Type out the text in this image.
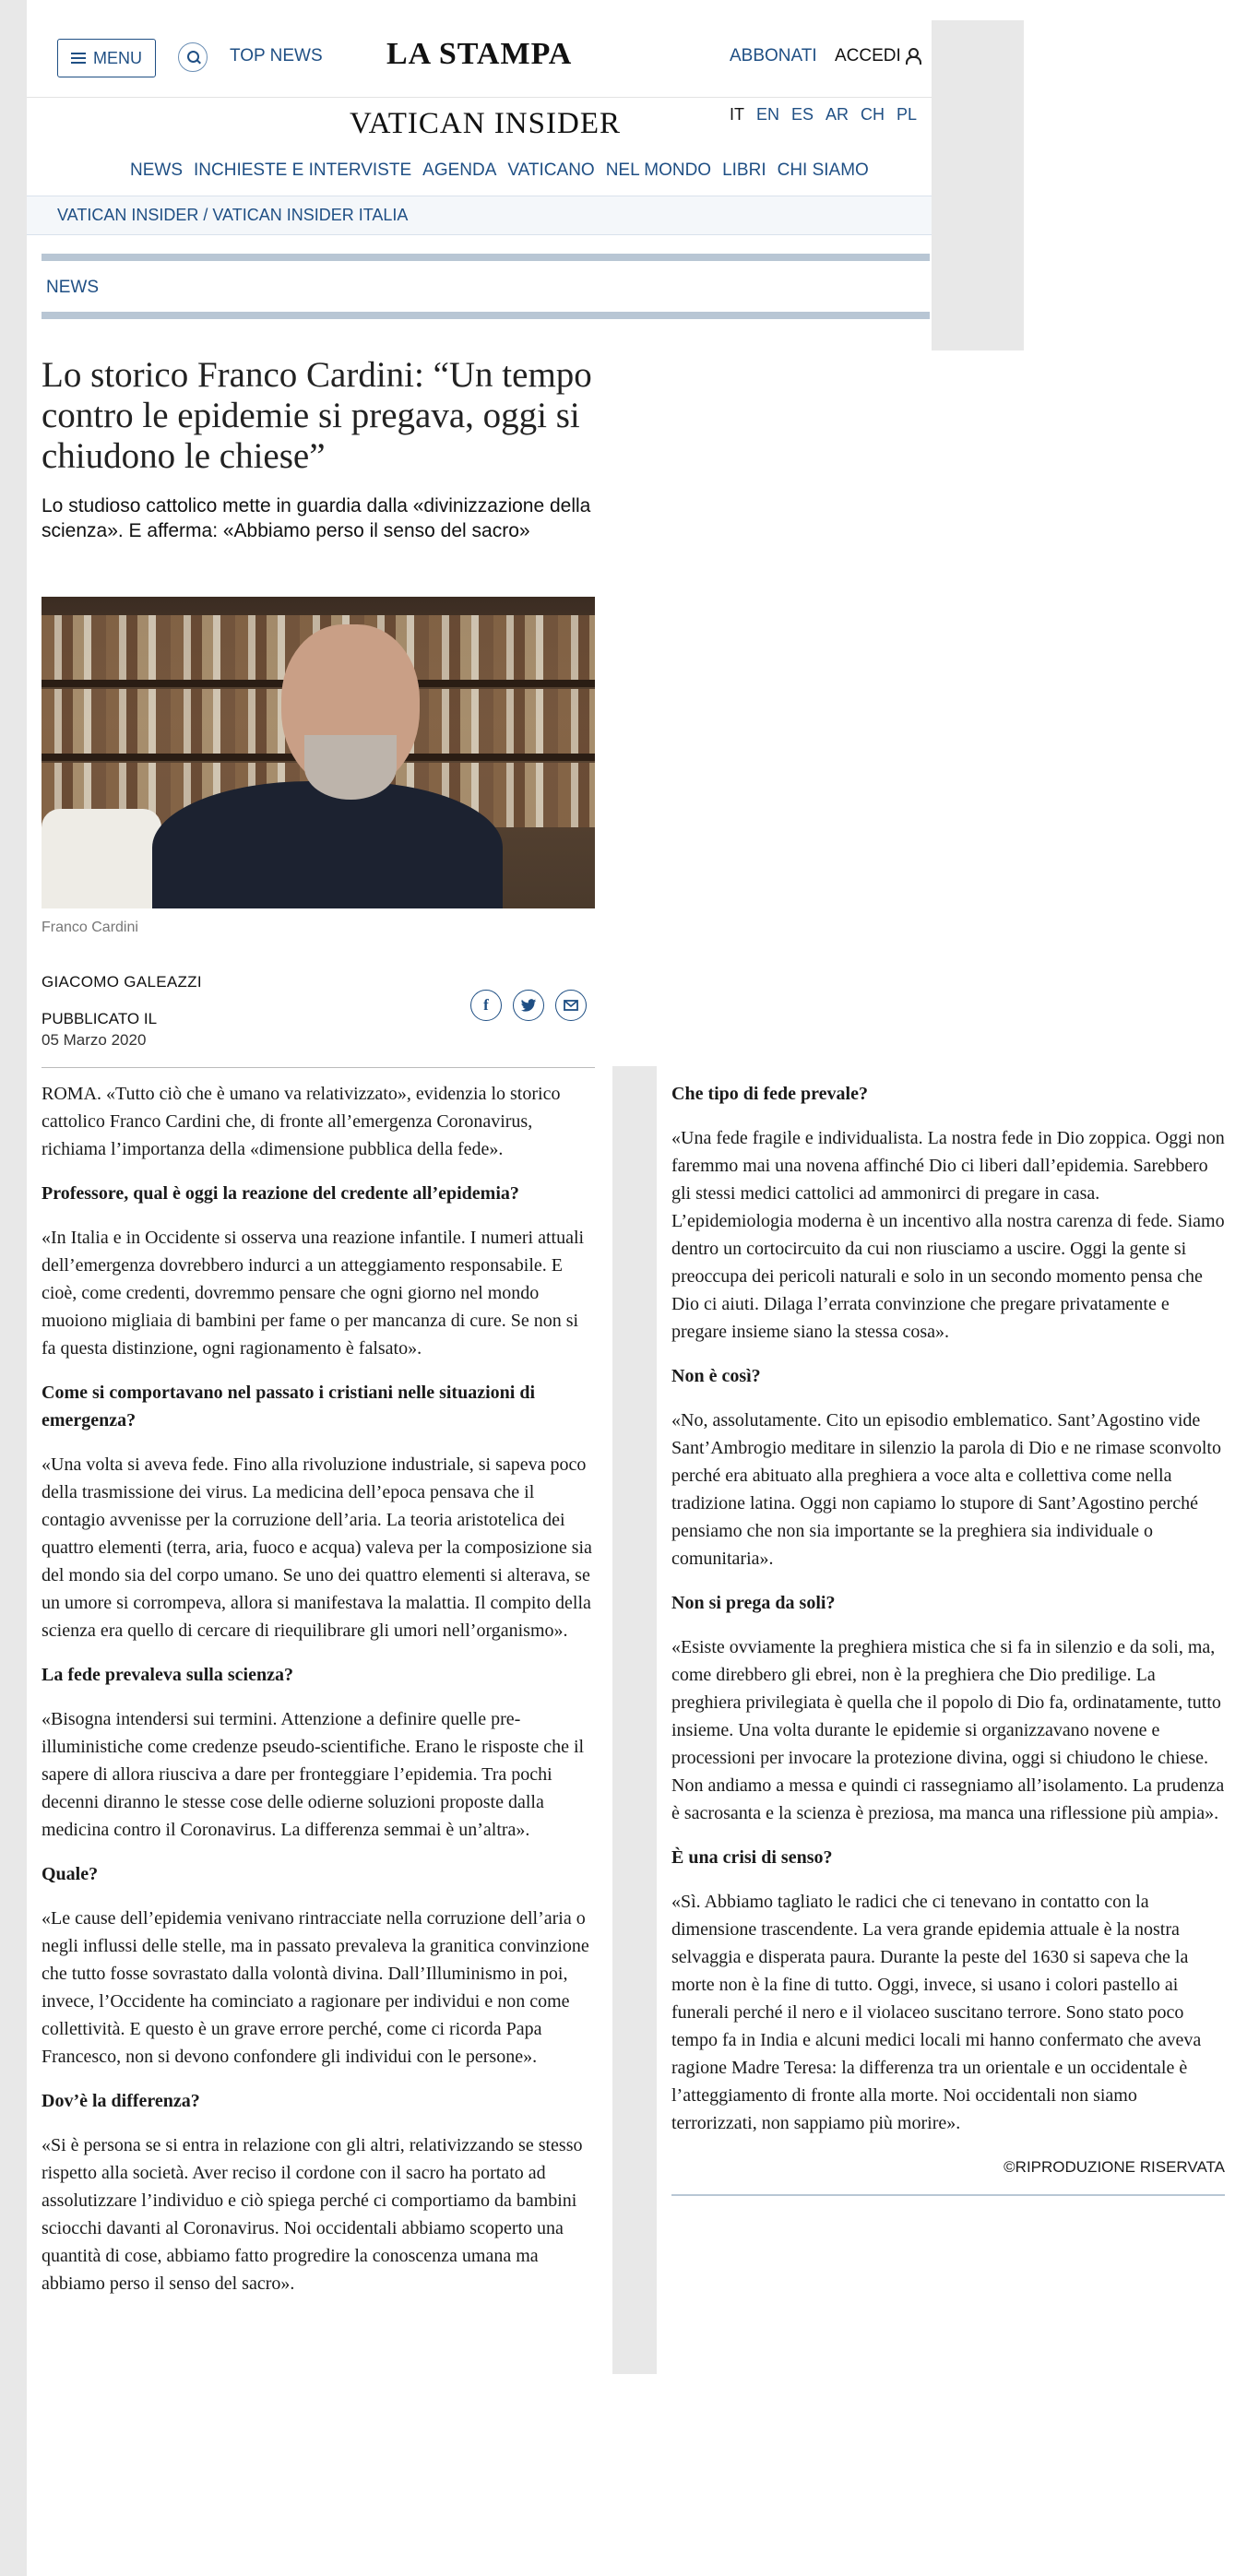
MENU	TOP NEWS LA STAMPA	ABBONATI ACCEDI
VATICAN INSIDER	IT EN ES AR CH PL
NEWS INCHIESTE E INTERVISTE AGENDA VATICANO NEL MONDO LIBRI CHI SIAMO
VATICAN INSIDER / VATICAN INSIDER ITALIA
NEWS
Lo storico Franco Cardini: “Un tempo contro le epidemie si pregava, oggi si chiudono le chiese”

Lo studioso cattolico mette in guardia dalla «divinizzazione della scienza». E afferma: «Abbiamo perso il senso del sacro»

Franco Cardini
GIACOMO GALEAZZI
PUBBLICATO IL
05 Marzo 2020
f

ROMA. «Tutto ciò che è umano va relativizzato», evidenzia lo storico cattolico Franco Cardini che, di fronte all’emergenza Coronavirus, richiama l’importanza della «dimensione pubblica della fede».

Professore, qual è oggi la reazione del credente all’epidemia?

«In Italia e in Occidente si osserva una reazione infantile. I numeri attuali dell’emergenza dovrebbero indurci a un atteggiamento responsabile. E cioè, come credenti, dovremmo pensare che ogni giorno nel mondo muoiono migliaia di bambini per fame o per mancanza di cure. Se non si fa questa distinzione, ogni ragionamento è falsato».

Come si comportavano nel passato i cristiani nelle situazioni di emergenza?

«Una volta si aveva fede. Fino alla rivoluzione industriale, si sapeva poco della trasmissione dei virus. La medicina dell’epoca pensava che il contagio avvenisse per la corruzione dell’aria. La teoria aristotelica dei quattro elementi (terra, aria, fuoco e acqua) valeva per la composizione sia del mondo sia del corpo umano. Se uno dei quattro elementi si alterava, se un umore si corrompeva, allora si manifestava la malattia. Il compito della scienza era quello di cercare di riequilibrare gli umori nell’organismo».

La fede prevaleva sulla scienza?

«Bisogna intendersi sui termini. Attenzione a definire quelle pre-illuministiche come credenze pseudo-scientifiche. Erano le risposte che il sapere di allora riusciva a dare per fronteggiare l’epidemia. Tra pochi decenni diranno le stesse cose delle odierne soluzioni proposte dalla medicina contro il Coronavirus. La differenza semmai è un’altra».

Quale?

«Le cause dell’epidemia venivano rintracciate nella corruzione dell’aria o negli influssi delle stelle, ma in passato prevaleva la granitica convinzione che tutto fosse sovrastato dalla volontà divina. Dall’Illuminismo in poi, invece, l’Occidente ha cominciato a ragionare per individui e non come collettività. E questo è un grave errore perché, come ci ricorda Papa Francesco, non si devono confondere gli individui con le persone».

Dov’è la differenza?

«Si è persona se si entra in relazione con gli altri, relativizzando se stesso rispetto alla società. Aver reciso il cordone con il sacro ha portato ad assolutizzare l’individuo e ciò spiega perché ci comportiamo da bambini sciocchi davanti al Coronavirus. Noi occidentali abbiamo scoperto una quantità di cose, abbiamo fatto progredire la conoscenza umana ma abbiamo perso il senso del sacro».

Che tipo di fede prevale?

«Una fede fragile e individualista. La nostra fede in Dio zoppica. Oggi non faremmo mai una novena affinché Dio ci liberi dall’epidemia. Sarebbero gli stessi medici cattolici ad ammonirci di pregare in casa. L’epidemiologia moderna è un incentivo alla nostra carenza di fede. Siamo dentro un cortocircuito da cui non riusciamo a uscire. Oggi la gente si preoccupa dei pericoli naturali e solo in un secondo momento pensa che Dio ci aiuti. Dilaga l’errata convinzione che pregare privatamente e pregare insieme siano la stessa cosa».

Non è così?

«No, assolutamente. Cito un episodio emblematico. Sant’Agostino vide Sant’Ambrogio meditare in silenzio la parola di Dio e ne rimase sconvolto perché era abituato alla preghiera a voce alta e collettiva come nella tradizione latina. Oggi non capiamo lo stupore di Sant’Agostino perché pensiamo che non sia importante se la preghiera sia individuale o comunitaria».

Non si prega da soli?

«Esiste ovviamente la preghiera mistica che si fa in silenzio e da soli, ma, come direbbero gli ebrei, non è la preghiera che Dio predilige. La preghiera privilegiata è quella che il popolo di Dio fa, ordinatamente, tutto insieme. Una volta durante le epidemie si organizzavano novene e processioni per invocare la protezione divina, oggi si chiudono le chiese. Non andiamo a messa e quindi ci rassegniamo all’isolamento. La prudenza è sacrosanta e la scienza è preziosa, ma manca una riflessione più ampia».

È una crisi di senso?

«Sì. Abbiamo tagliato le radici che ci tenevano in contatto con la dimensione trascendente. La vera grande epidemia attuale è la nostra selvaggia e disperata paura. Durante la peste del 1630 si sapeva che la morte non è la fine di tutto. Oggi, invece, si usano i colori pastello ai funerali perché il nero e il violaceo suscitano terrore. Sono stato poco tempo fa in India e alcuni medici locali mi hanno confermato che aveva ragione Madre Teresa: la differenza tra un orientale e un occidentale è l’atteggiamento di fronte alla morte. Noi occidentali non siamo terrorizzati, non sappiamo più morire».

©RIPRODUZIONE RISERVATA
